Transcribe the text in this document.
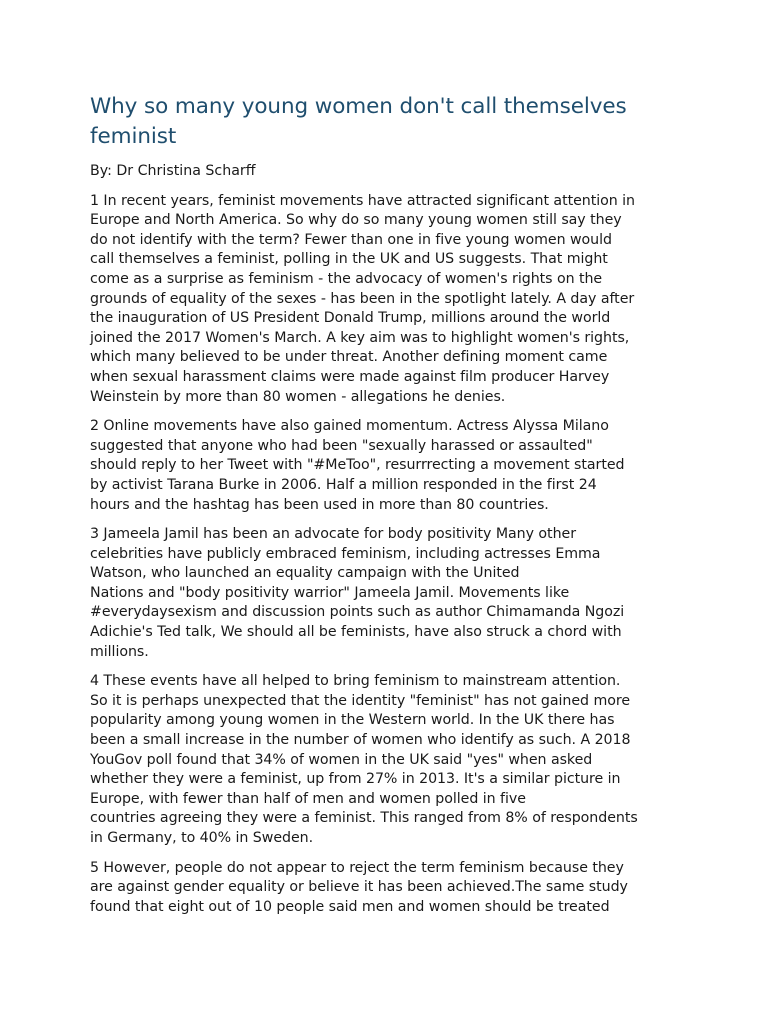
Why so many young women don't call themselves
feminist

By: Dr Christina Scharff

1 In recent years, feminist movements have attracted significant attention in
Europe and North America. So why do so many young women still say they
do not identify with the term? Fewer than one in five young women would
call themselves a feminist, polling in the UK and US suggests. That might
come as a surprise as feminism - the advocacy of women's rights on the
grounds of equality of the sexes - has been in the spotlight lately. A day after
the inauguration of US President Donald Trump, millions around the world
joined the 2017 Women's March. A key aim was to highlight women's rights,
which many believed to be under threat. Another defining moment came
when sexual harassment claims were made against film producer Harvey
Weinstein by more than 80 women - allegations he denies.

2 Online movements have also gained momentum. Actress Alyssa Milano
suggested that anyone who had been "sexually harassed or assaulted"
should reply to her Tweet with "#MeToo", resurrrecting a movement started
by activist Tarana Burke in 2006. Half a million responded in the first 24
hours and the hashtag has been used in more than 80 countries.

3 Jameela Jamil has been an advocate for body positivity Many other
celebrities have publicly embraced feminism, including actresses Emma
Watson, who launched an equality campaign with the United
Nations and "body positivity warrior" Jameela Jamil. Movements like
#everydaysexism and discussion points such as author Chimamanda Ngozi
Adichie's Ted talk, We should all be feminists, have also struck a chord with
millions.

4 These events have all helped to bring feminism to mainstream attention.
So it is perhaps unexpected that the identity "feminist" has not gained more
popularity among young women in the Western world. In the UK there has
been a small increase in the number of women who identify as such. A 2018
YouGov poll found that 34% of women in the UK said "yes" when asked
whether they were a feminist, up from 27% in 2013. It's a similar picture in
Europe, with fewer than half of men and women polled in five
countries agreeing they were a feminist. This ranged from 8% of respondents
in Germany, to 40% in Sweden.

5 However, people do not appear to reject the term feminism because they
are against gender equality or believe it has been achieved.The same study
found that eight out of 10 people said men and women should be treated
